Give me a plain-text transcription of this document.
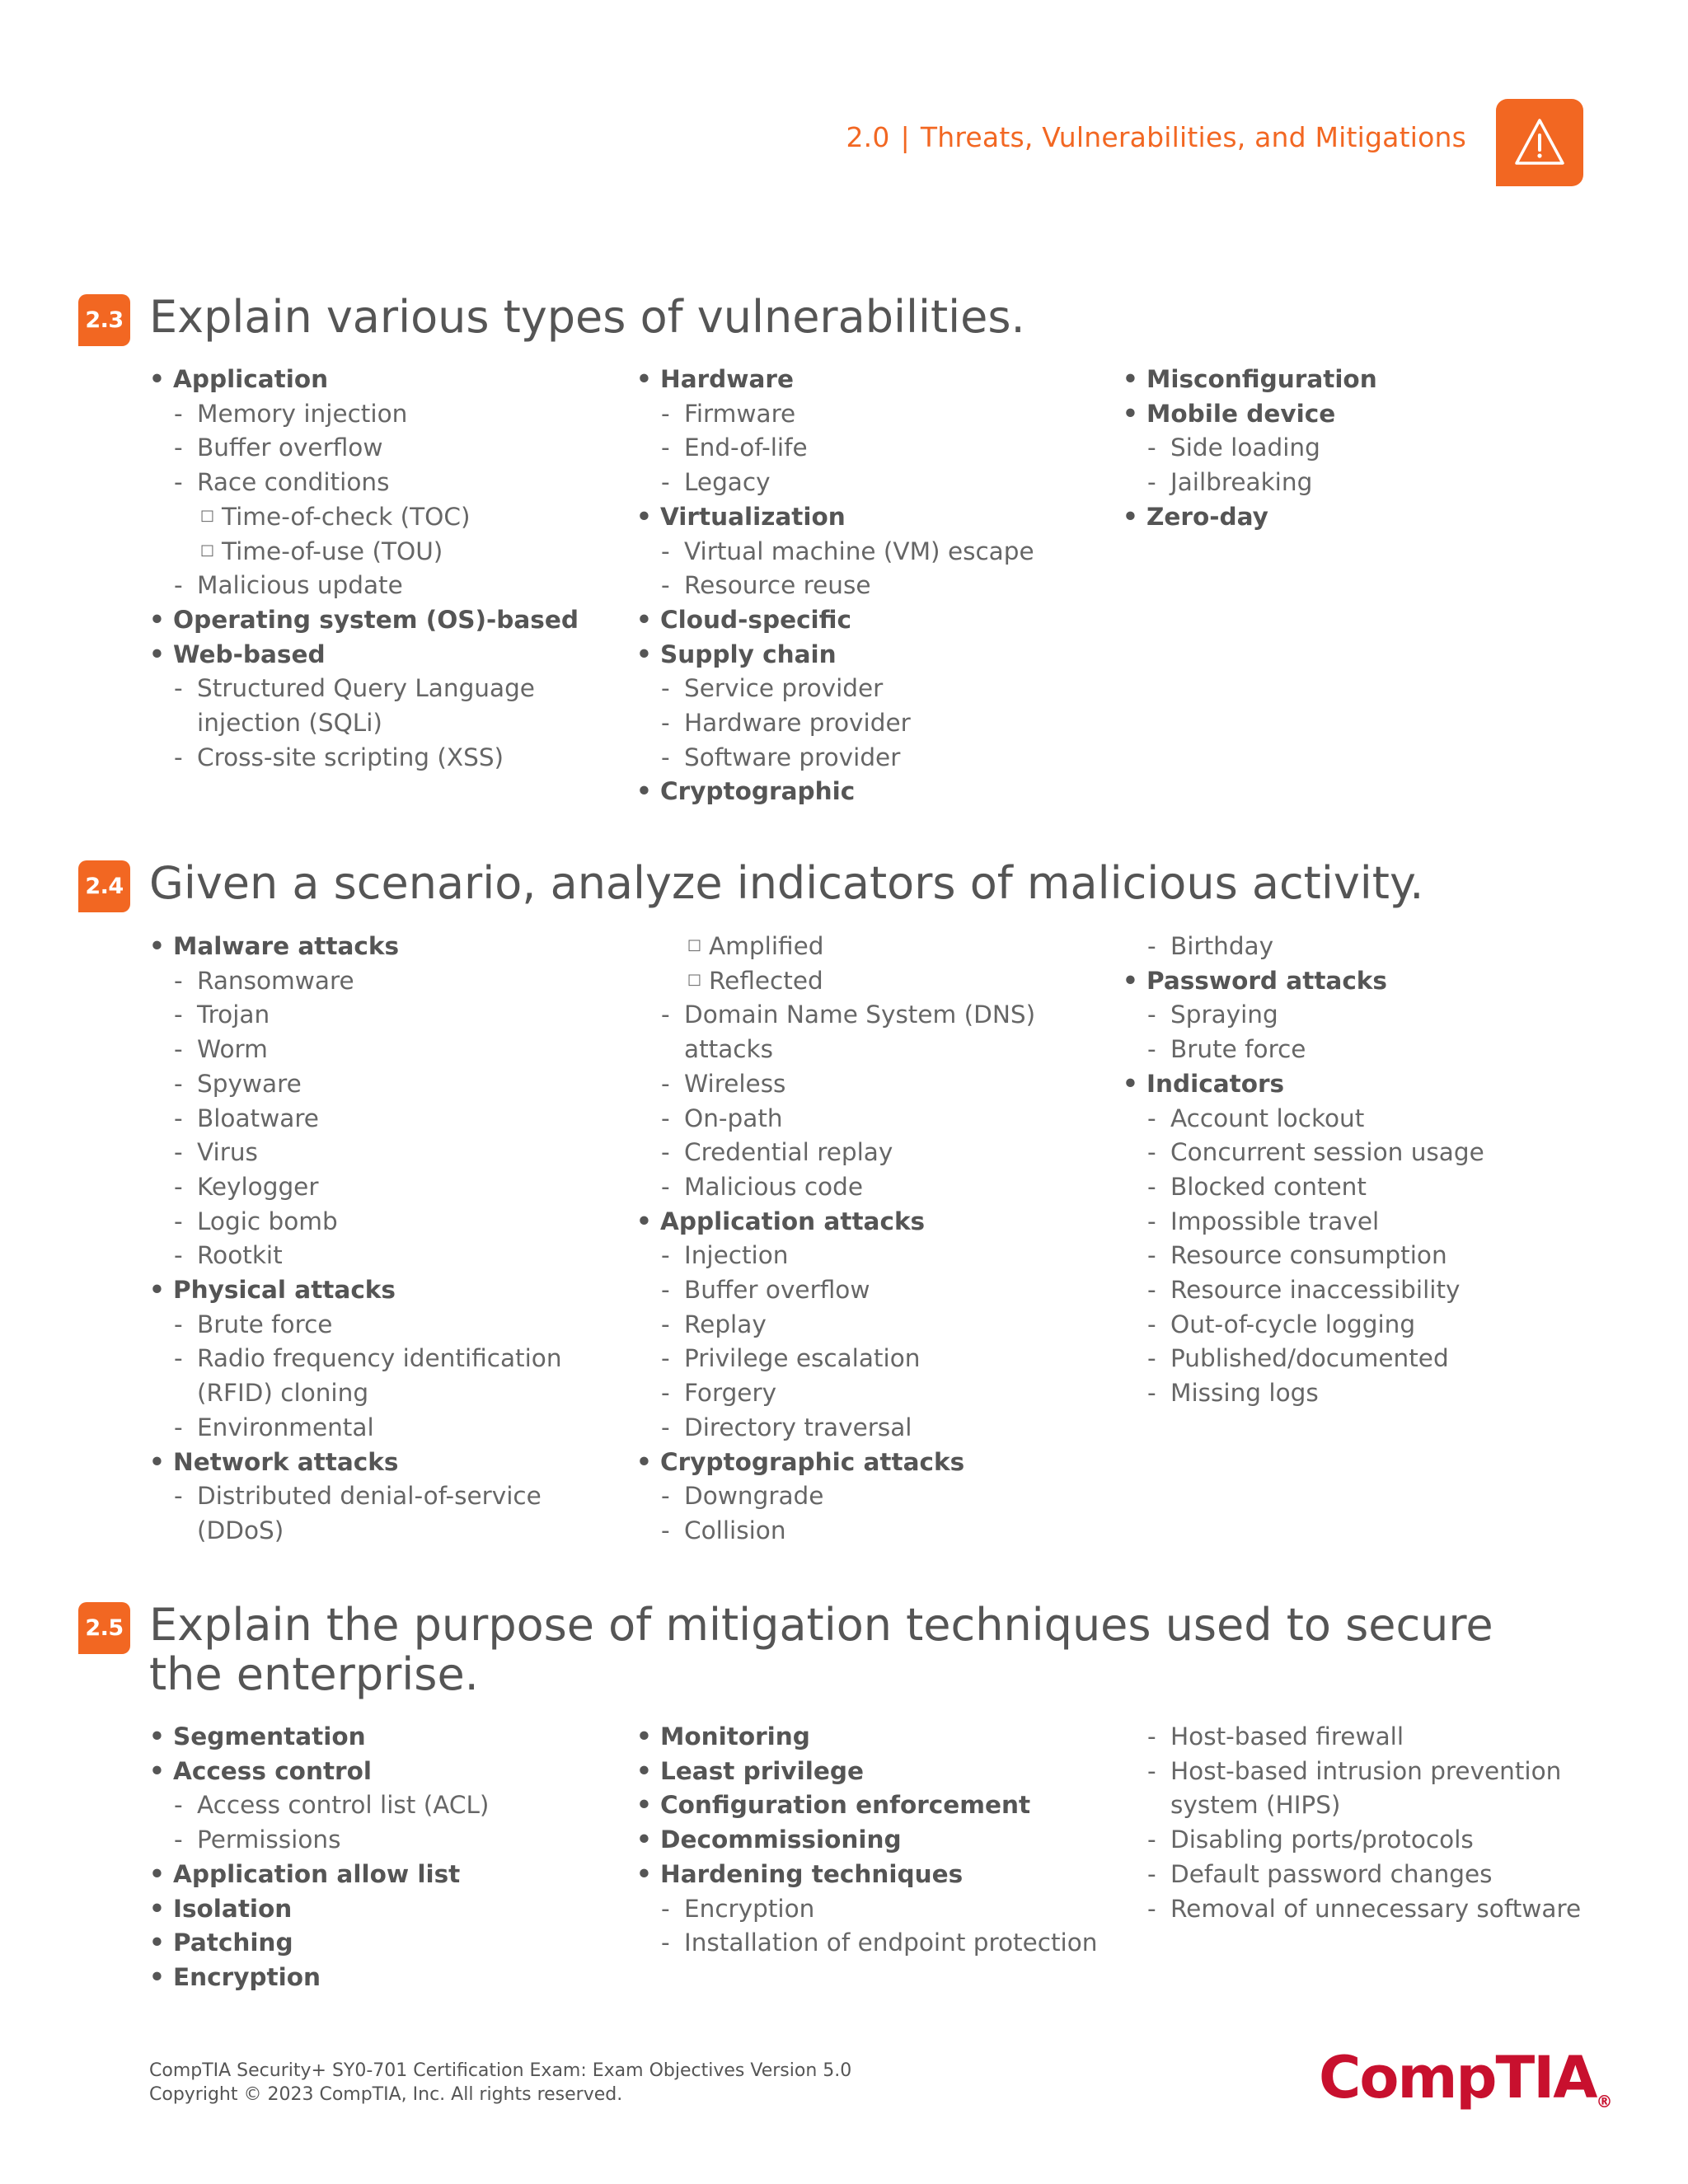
2.0 | Threats, Vulnerabilities, and Mitigations
2.3 Explain various types of vulnerabilities.
• Application
- Memory injection
- Buffer overflow
- Race conditions
□ Time-of-check (TOC)
□ Time-of-use (TOU)
- Malicious update
• Operating system (OS)-based
• Web-based
- Structured Query Language injection (SQLi)
- Cross-site scripting (XSS)
• Hardware
- Firmware
- End-of-life
- Legacy
• Virtualization
- Virtual machine (VM) escape
- Resource reuse
• Cloud-specific
• Supply chain
- Service provider
- Hardware provider
- Software provider
• Cryptographic
• Misconfiguration
• Mobile device
- Side loading
- Jailbreaking
• Zero-day
2.4 Given a scenario, analyze indicators of malicious activity.
• Malware attacks
- Ransomware
- Trojan
- Worm
- Spyware
- Bloatware
- Virus
- Keylogger
- Logic bomb
- Rootkit
• Physical attacks
- Brute force
- Radio frequency identification (RFID) cloning
- Environmental
• Network attacks
- Distributed denial-of-service (DDoS)
□ Amplified
□ Reflected
- Domain Name System (DNS) attacks
- Wireless
- On-path
- Credential replay
- Malicious code
• Application attacks
- Injection
- Buffer overflow
- Replay
- Privilege escalation
- Forgery
- Directory traversal
• Cryptographic attacks
- Downgrade
- Collision
- Birthday
• Password attacks
- Spraying
- Brute force
• Indicators
- Account lockout
- Concurrent session usage
- Blocked content
- Impossible travel
- Resource consumption
- Resource inaccessibility
- Out-of-cycle logging
- Published/documented
- Missing logs
2.5 Explain the purpose of mitigation techniques used to secure the enterprise.
• Segmentation
• Access control
- Access control list (ACL)
- Permissions
• Application allow list
• Isolation
• Patching
• Encryption
• Monitoring
• Least privilege
• Configuration enforcement
• Decommissioning
• Hardening techniques
- Encryption
- Installation of endpoint protection
- Host-based firewall
- Host-based intrusion prevention system (HIPS)
- Disabling ports/protocols
- Default password changes
- Removal of unnecessary software
CompTIA Security+ SY0-701 Certification Exam: Exam Objectives Version 5.0
Copyright © 2023 CompTIA, Inc. All rights reserved.	CompTIA®
